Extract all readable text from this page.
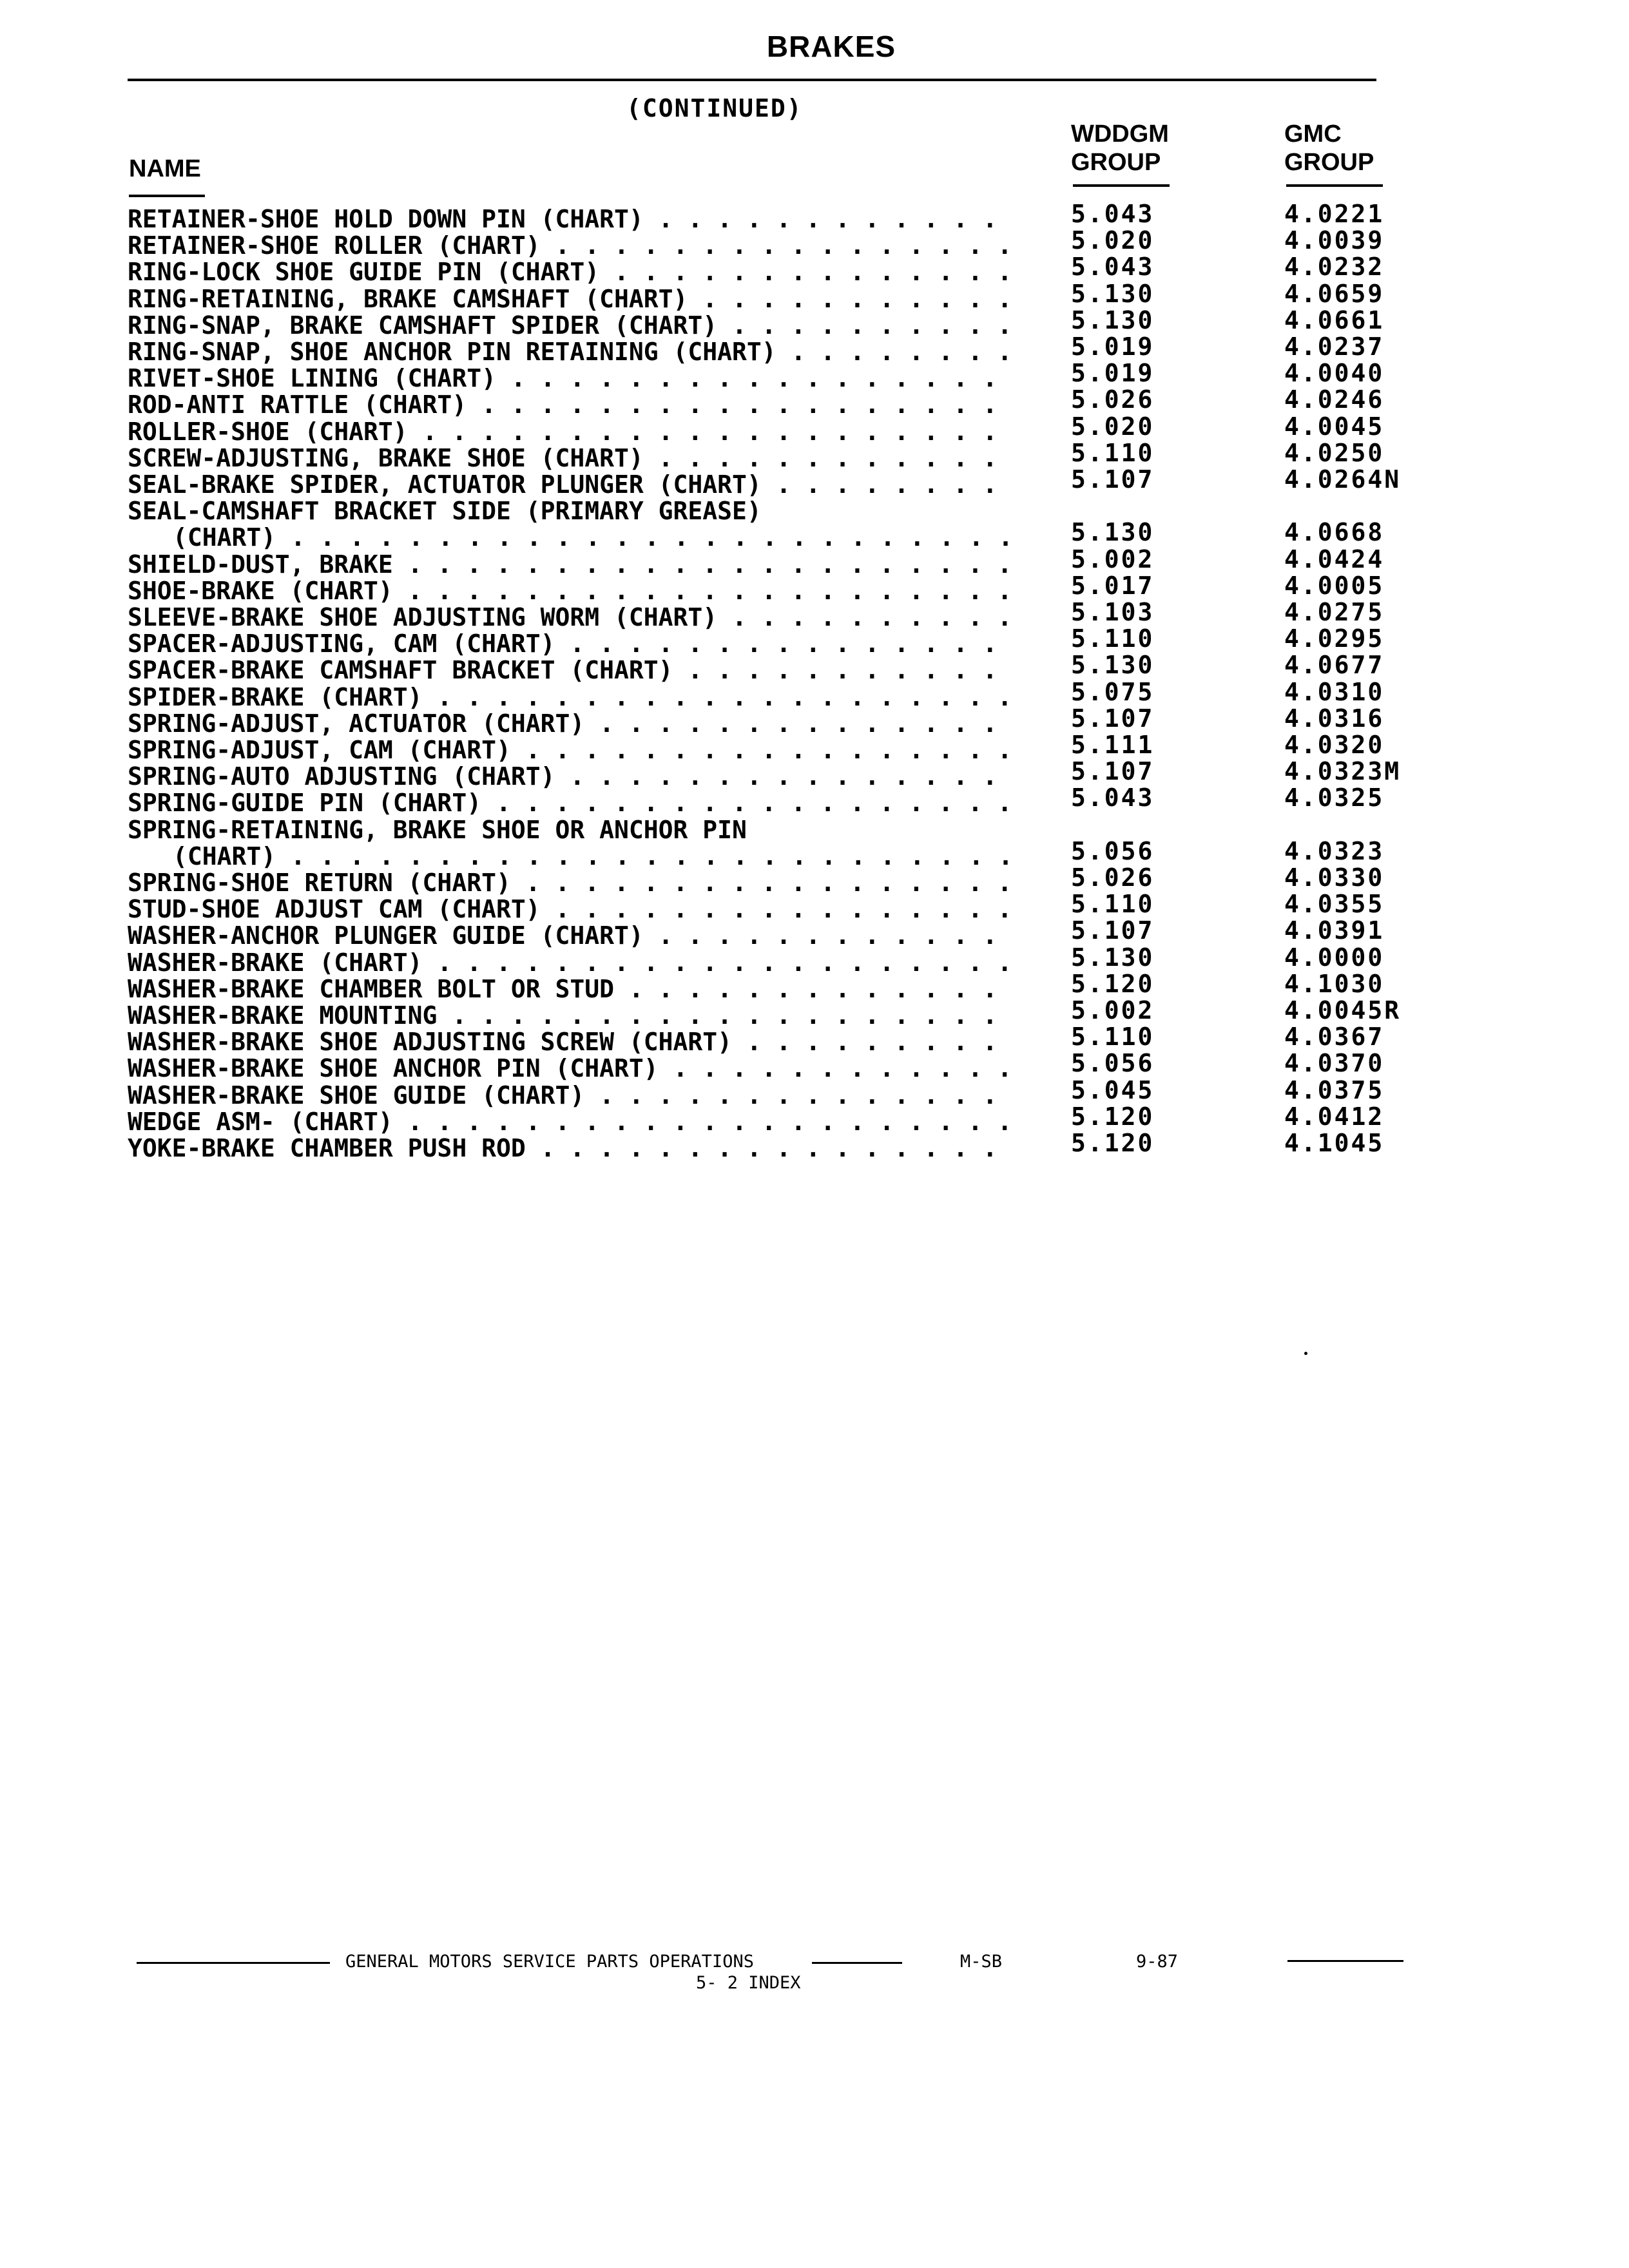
BRAKES
(CONTINUED)
NAME
WDDGM
GROUP
GMC
GROUP
RETAINER-SHOE HOLD DOWN PIN (CHART) . . .	5.043	4.0221
RETAINER-SHOE ROLLER (CHART) . . .	5.020	4.0039
RING-LOCK SHOE GUIDE PIN (CHART) . . .	5.043	4.0232
RING-RETAINING, BRAKE CAMSHAFT (CHART) . . .	5.130	4.0659
RING-SNAP, BRAKE CAMSHAFT SPIDER (CHART) . . .	5.130	4.0661
RING-SNAP, SHOE ANCHOR PIN RETAINING (CHART) . . .	5.019	4.0237
RIVET-SHOE LINING (CHART) . . .	5.019	4.0040
ROD-ANTI RATTLE (CHART) . . .	5.026	4.0246
ROLLER-SHOE (CHART) . . .	5.020	4.0045
SCREW-ADJUSTING, BRAKE SHOE (CHART) . . .	5.110	4.0250
SEAL-BRAKE SPIDER, ACTUATOR PLUNGER (CHART) . . .	5.107	4.0264N
SEAL-CAMSHAFT BRACKET SIDE (PRIMARY GREASE)
(CHART) . . .	5.130	4.0668
SHIELD-DUST, BRAKE . . .	5.002	4.0424
SHOE-BRAKE (CHART) . . .	5.017	4.0005
SLEEVE-BRAKE SHOE ADJUSTING WORM (CHART) . . .	5.103	4.0275
SPACER-ADJUSTING, CAM (CHART) . . .	5.110	4.0295
SPACER-BRAKE CAMSHAFT BRACKET (CHART) . . .	5.130	4.0677
SPIDER-BRAKE (CHART) . . .	5.075	4.0310
SPRING-ADJUST, ACTUATOR (CHART) . . .	5.107	4.0316
SPRING-ADJUST, CAM (CHART) . . .	5.111	4.0320
SPRING-AUTO ADJUSTING (CHART) . . .	5.107	4.0323M
SPRING-GUIDE PIN (CHART) . . .	5.043	4.0325
SPRING-RETAINING, BRAKE SHOE OR ANCHOR PIN
(CHART) . . .	5.056	4.0323
SPRING-SHOE RETURN (CHART) . . .	5.026	4.0330
STUD-SHOE ADJUST CAM (CHART) . . .	5.110	4.0355
WASHER-ANCHOR PLUNGER GUIDE (CHART) . . .	5.107	4.0391
WASHER-BRAKE (CHART) . . .	5.130	4.0000
WASHER-BRAKE CHAMBER BOLT OR STUD . . .	5.120	4.1030
WASHER-BRAKE MOUNTING . . .	5.002	4.0045R
WASHER-BRAKE SHOE ADJUSTING SCREW (CHART) . . .	5.110	4.0367
WASHER-BRAKE SHOE ANCHOR PIN (CHART) . . .	5.056	4.0370
WASHER-BRAKE SHOE GUIDE (CHART) . . .	5.045	4.0375
WEDGE ASM- (CHART) . . .	5.120	4.0412
YOKE-BRAKE CHAMBER PUSH ROD . . .	5.120	4.1045
GENERAL MOTORS SERVICE PARTS OPERATIONS	M-SB	9-87
5- 2 INDEX
